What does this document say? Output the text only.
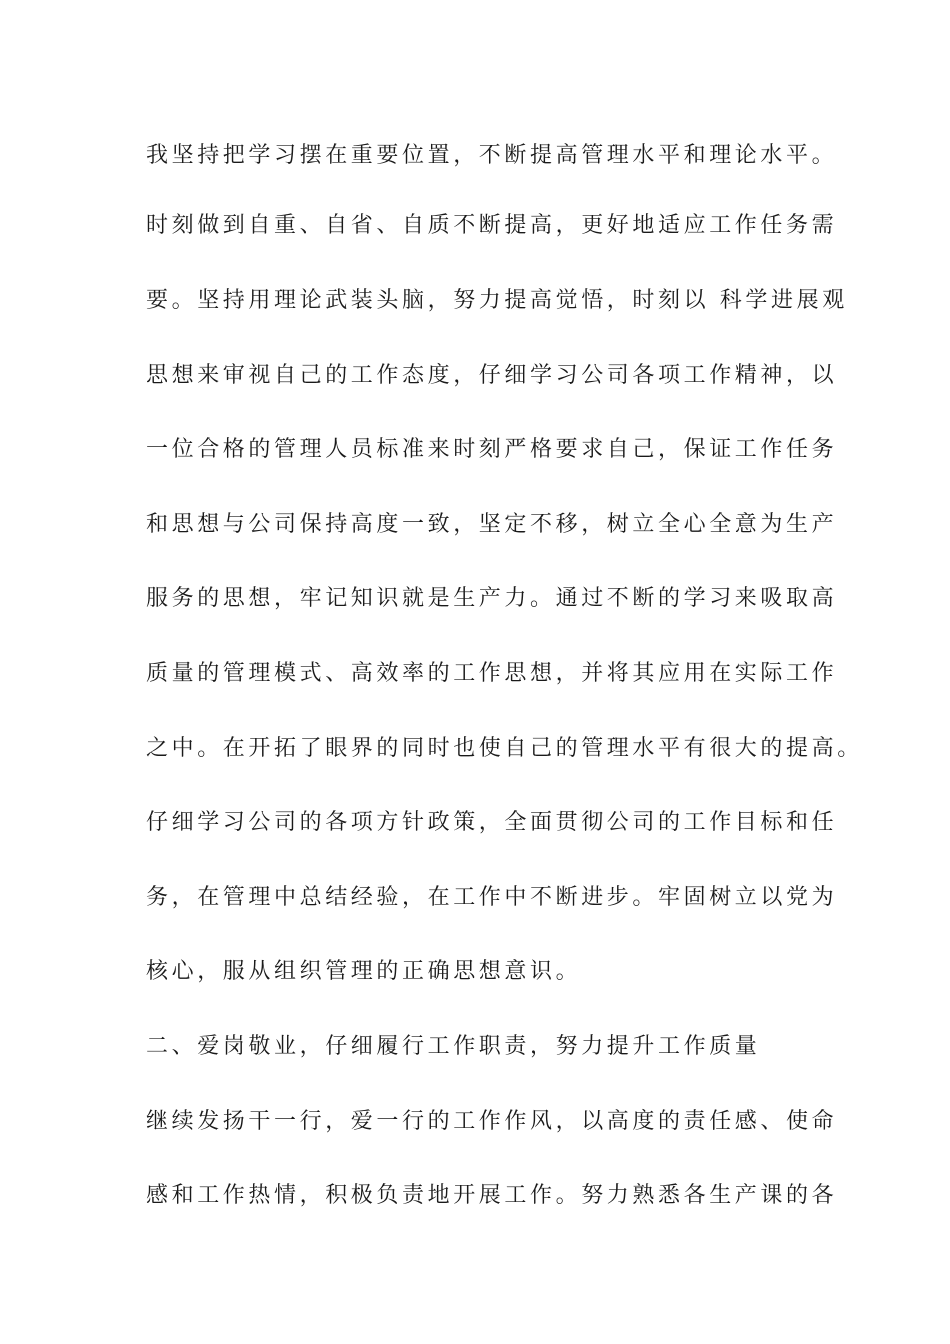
我坚持把学习摆在重要位置，不断提高管理水平和理论水平。
时刻做到自重、自省、自质不断提高，更好地适应工作任务需
要。坚持用理论武装头脑，努力提高觉悟，时刻以 科学进展观
思想来审视自己的工作态度，仔细学习公司各项工作精神，以
一位合格的管理人员标准来时刻严格要求自己，保证工作任务
和思想与公司保持高度一致，坚定不移，树立全心全意为生产
服务的思想，牢记知识就是生产力。通过不断的学习来吸取高
质量的管理模式、高效率的工作思想，并将其应用在实际工作
之中。在开拓了眼界的同时也使自己的管理水平有很大的提高。
仔细学习公司的各项方针政策，全面贯彻公司的工作目标和任
务，在管理中总结经验，在工作中不断进步。牢固树立以党为
核心，服从组织管理的正确思想意识。
二、爱岗敬业，仔细履行工作职责，努力提升工作质量
继续发扬干一行，爱一行的工作作风，以高度的责任感、使命
感和工作热情，积极负责地开展工作。努力熟悉各生产课的各
